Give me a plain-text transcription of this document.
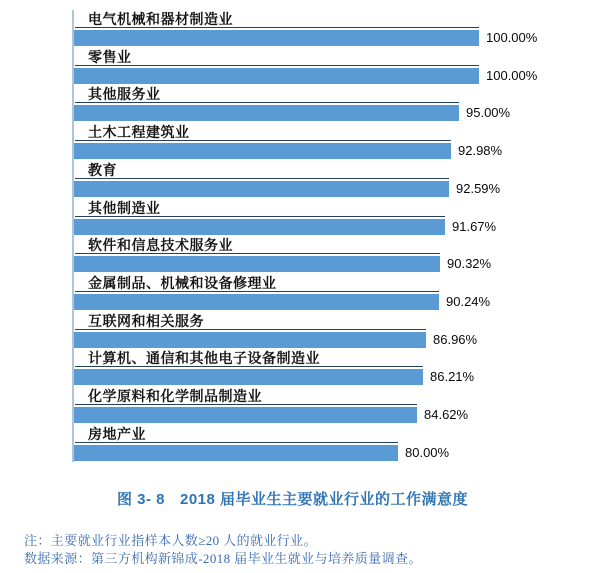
电气机械和器材制造业
100.00%
零售业
100.00%
其他服务业
95.00%
土木工程建筑业
92.98%
教育
92.59%
其他制造业
91.67%
软件和信息技术服务业
90.32%
金属制品、机械和设备修理业
90.24%
互联网和相关服务
86.96%
计算机、通信和其他电子设备制造业
86.21%
化学原料和化学制品制造业
84.62%
房地产业
80.00%
图 3- 8 2018 届毕业生主要就业行业的工作满意度
注：主要就业行业指样本人数≥20 人的就业行业。
数据来源：第三方机构新锦成-2018 届毕业生就业与培养质量调查。
